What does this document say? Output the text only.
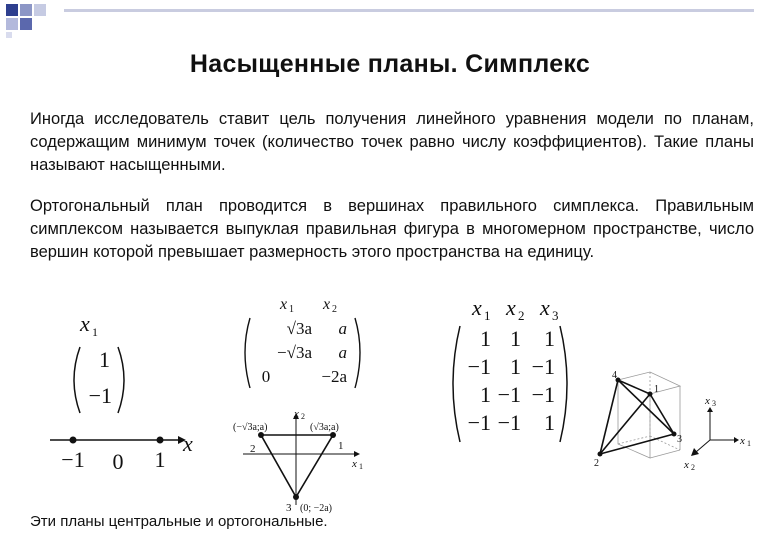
Насыщенные планы. Симплекс
Иногда исследователь ставит цель получения линейного уравнения модели по планам, содержащим минимум точек (количество точек равно числу коэффициентов). Такие планы называют насыщенными.
Ортогональный план проводится в вершинах правильного симплекса. Правильным симплексом называется выпуклая правильная фигура в многомерном пространстве, число вершин которой превышает размерность этого пространства на единицу.
x 1
1
−1
x
−1 0 1
x 1 x 2
√3a a
−√3a a
0	−2a
x 2
x 1
(−√3a;a)	(√3a;a)
2	1
3 (0; −2a)
x 1 x 2 x 3
1 1 1
−1 1 −1
1 −1 −1
−1 −1 1
4
2
3
1
x 1
x 3
x 2
Эти планы центральные и ортогональные.
